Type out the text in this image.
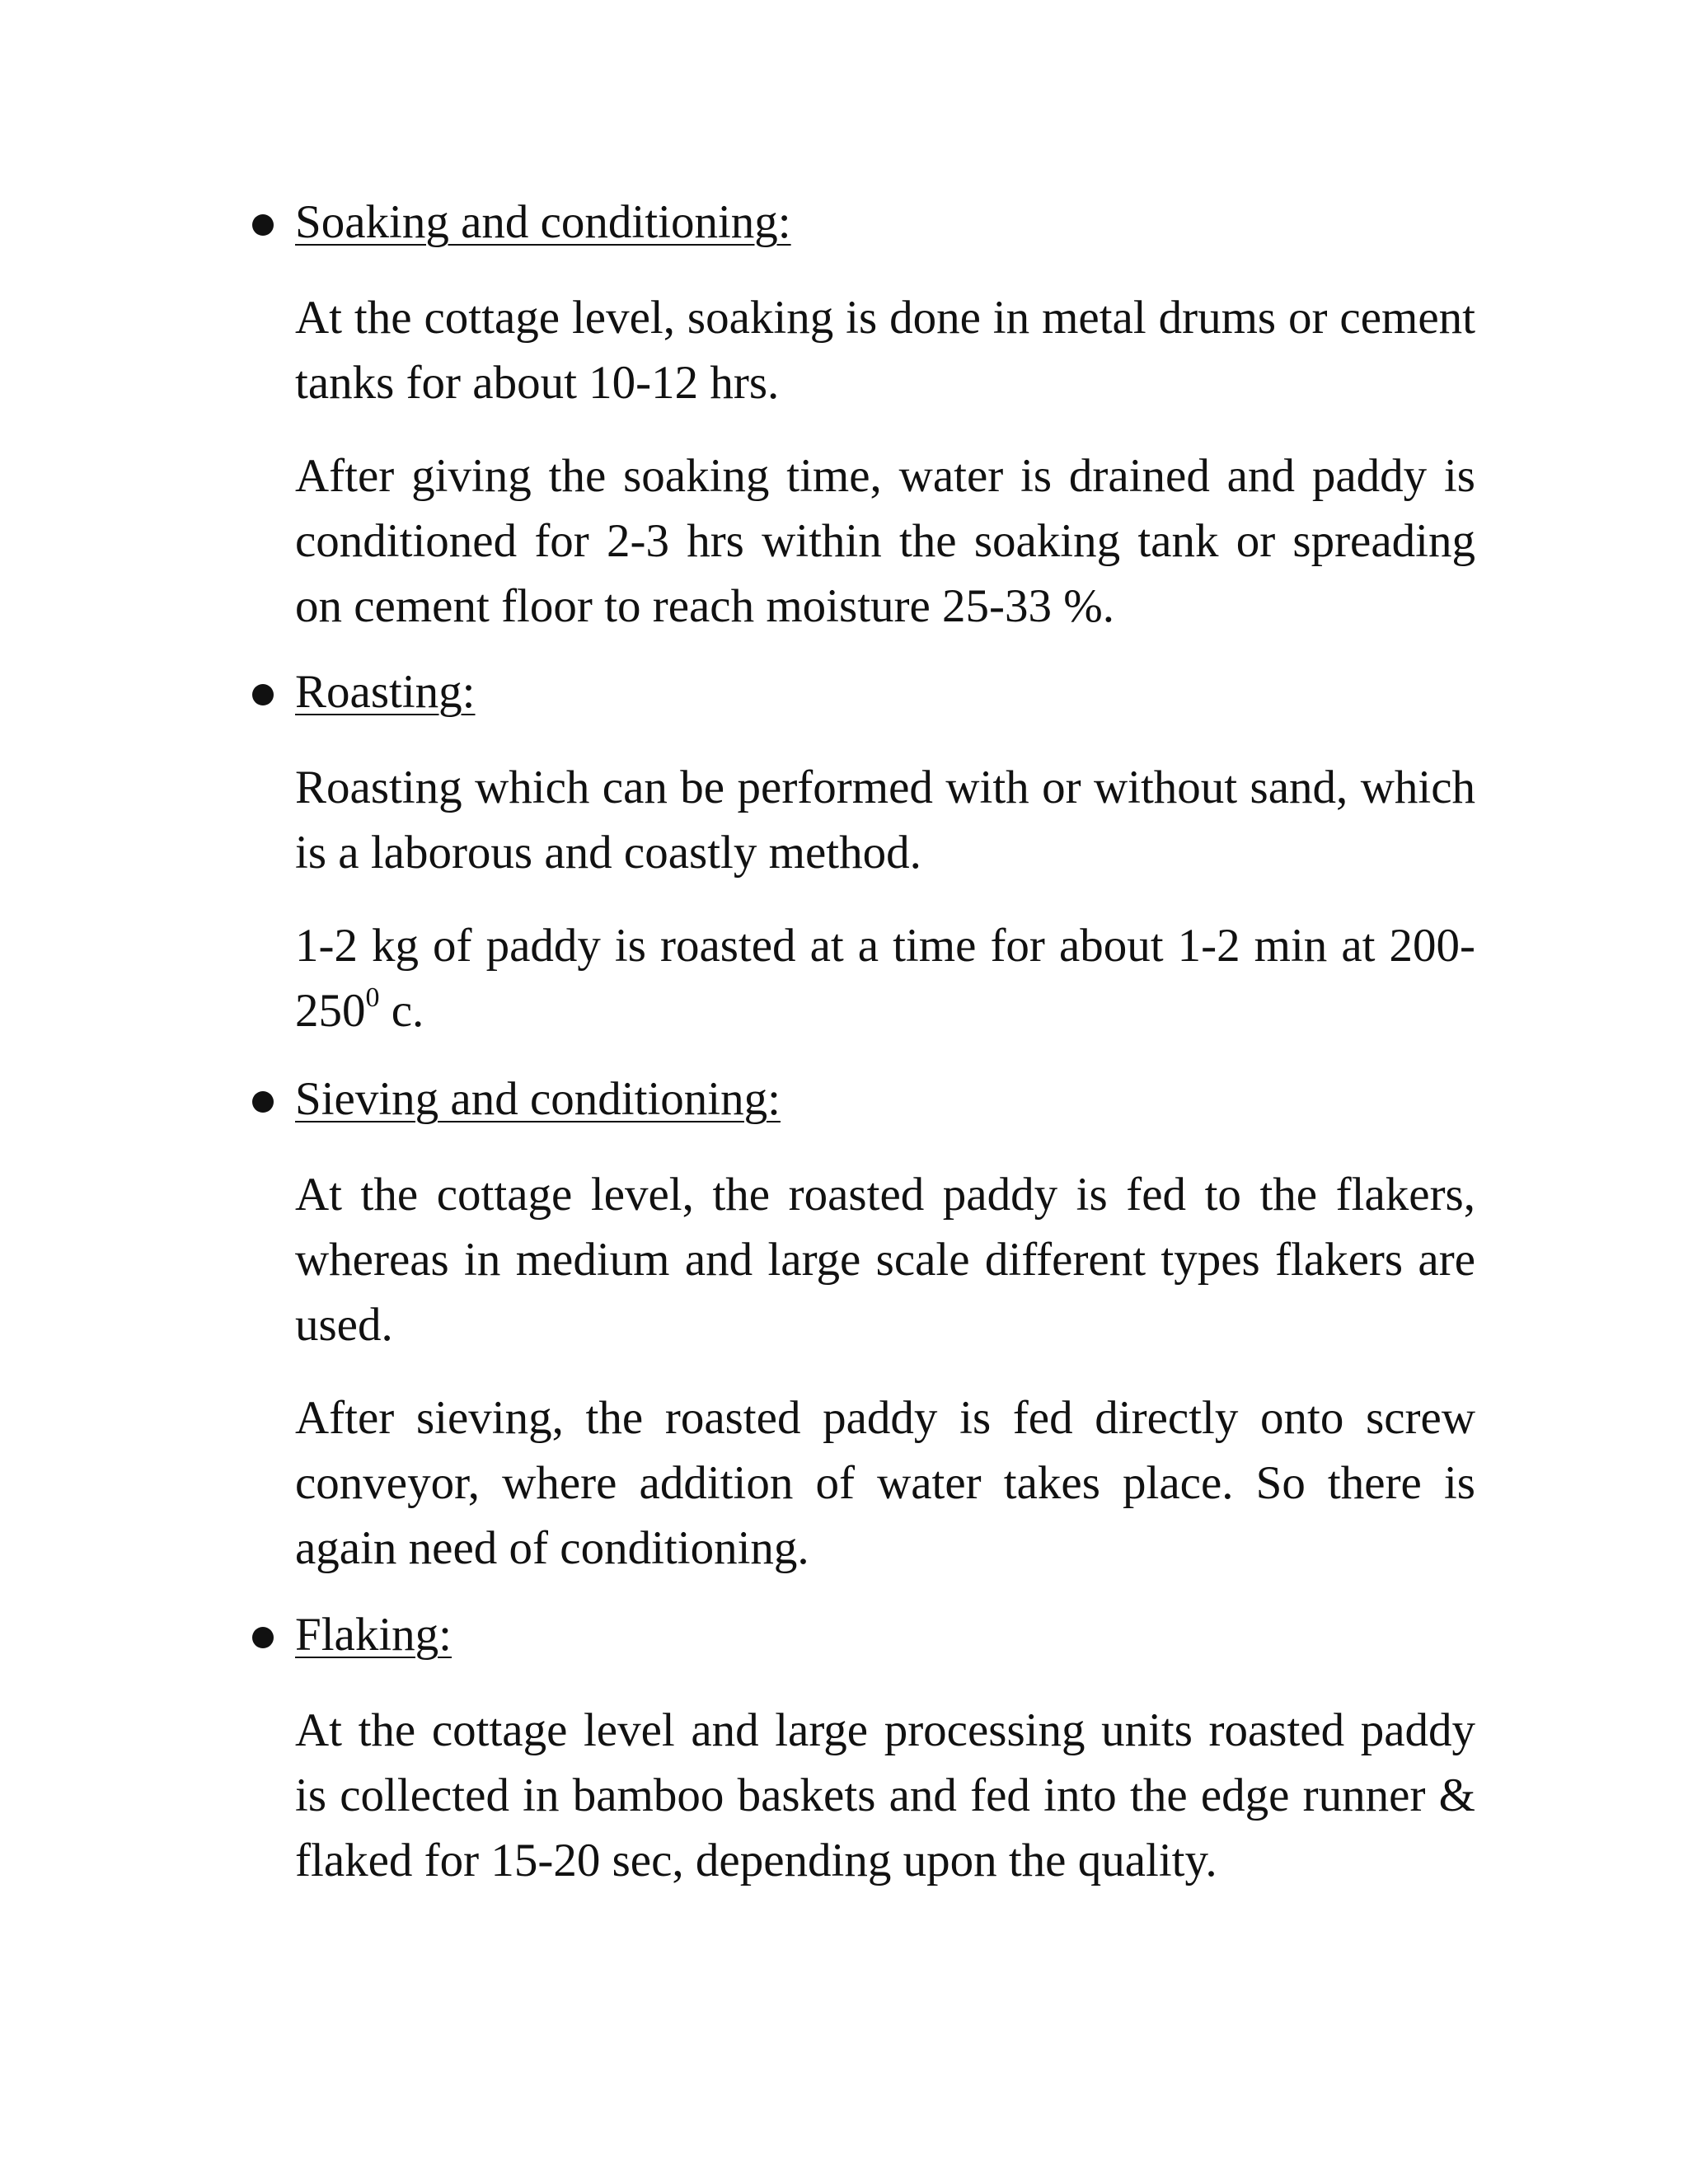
Soaking and conditioning:

At the cottage level, soaking is done in metal drums or cement tanks for about 10-12 hrs.

After giving the soaking time, water is drained and paddy is conditioned for 2-3 hrs within the soaking tank or spreading on cement floor to reach moisture 25-33 %.

Roasting:

Roasting which can be performed with or without sand, which is a laborous and coastly method.

1-2 kg of paddy is roasted at a time for about 1-2 min at $200-250^0$ c.

Sieving and conditioning:

At the cottage level, the roasted paddy is fed to the flakers, whereas in medium and large scale different types flakers are used.

After sieving, the roasted paddy is fed directly onto screw conveyor, where addition of water takes place. So there is again need of conditioning.

Flaking:

At the cottage level and large processing units roasted paddy is collected in bamboo baskets and fed into the edge runner & flaked for 15-20 sec, depending upon the quality.
